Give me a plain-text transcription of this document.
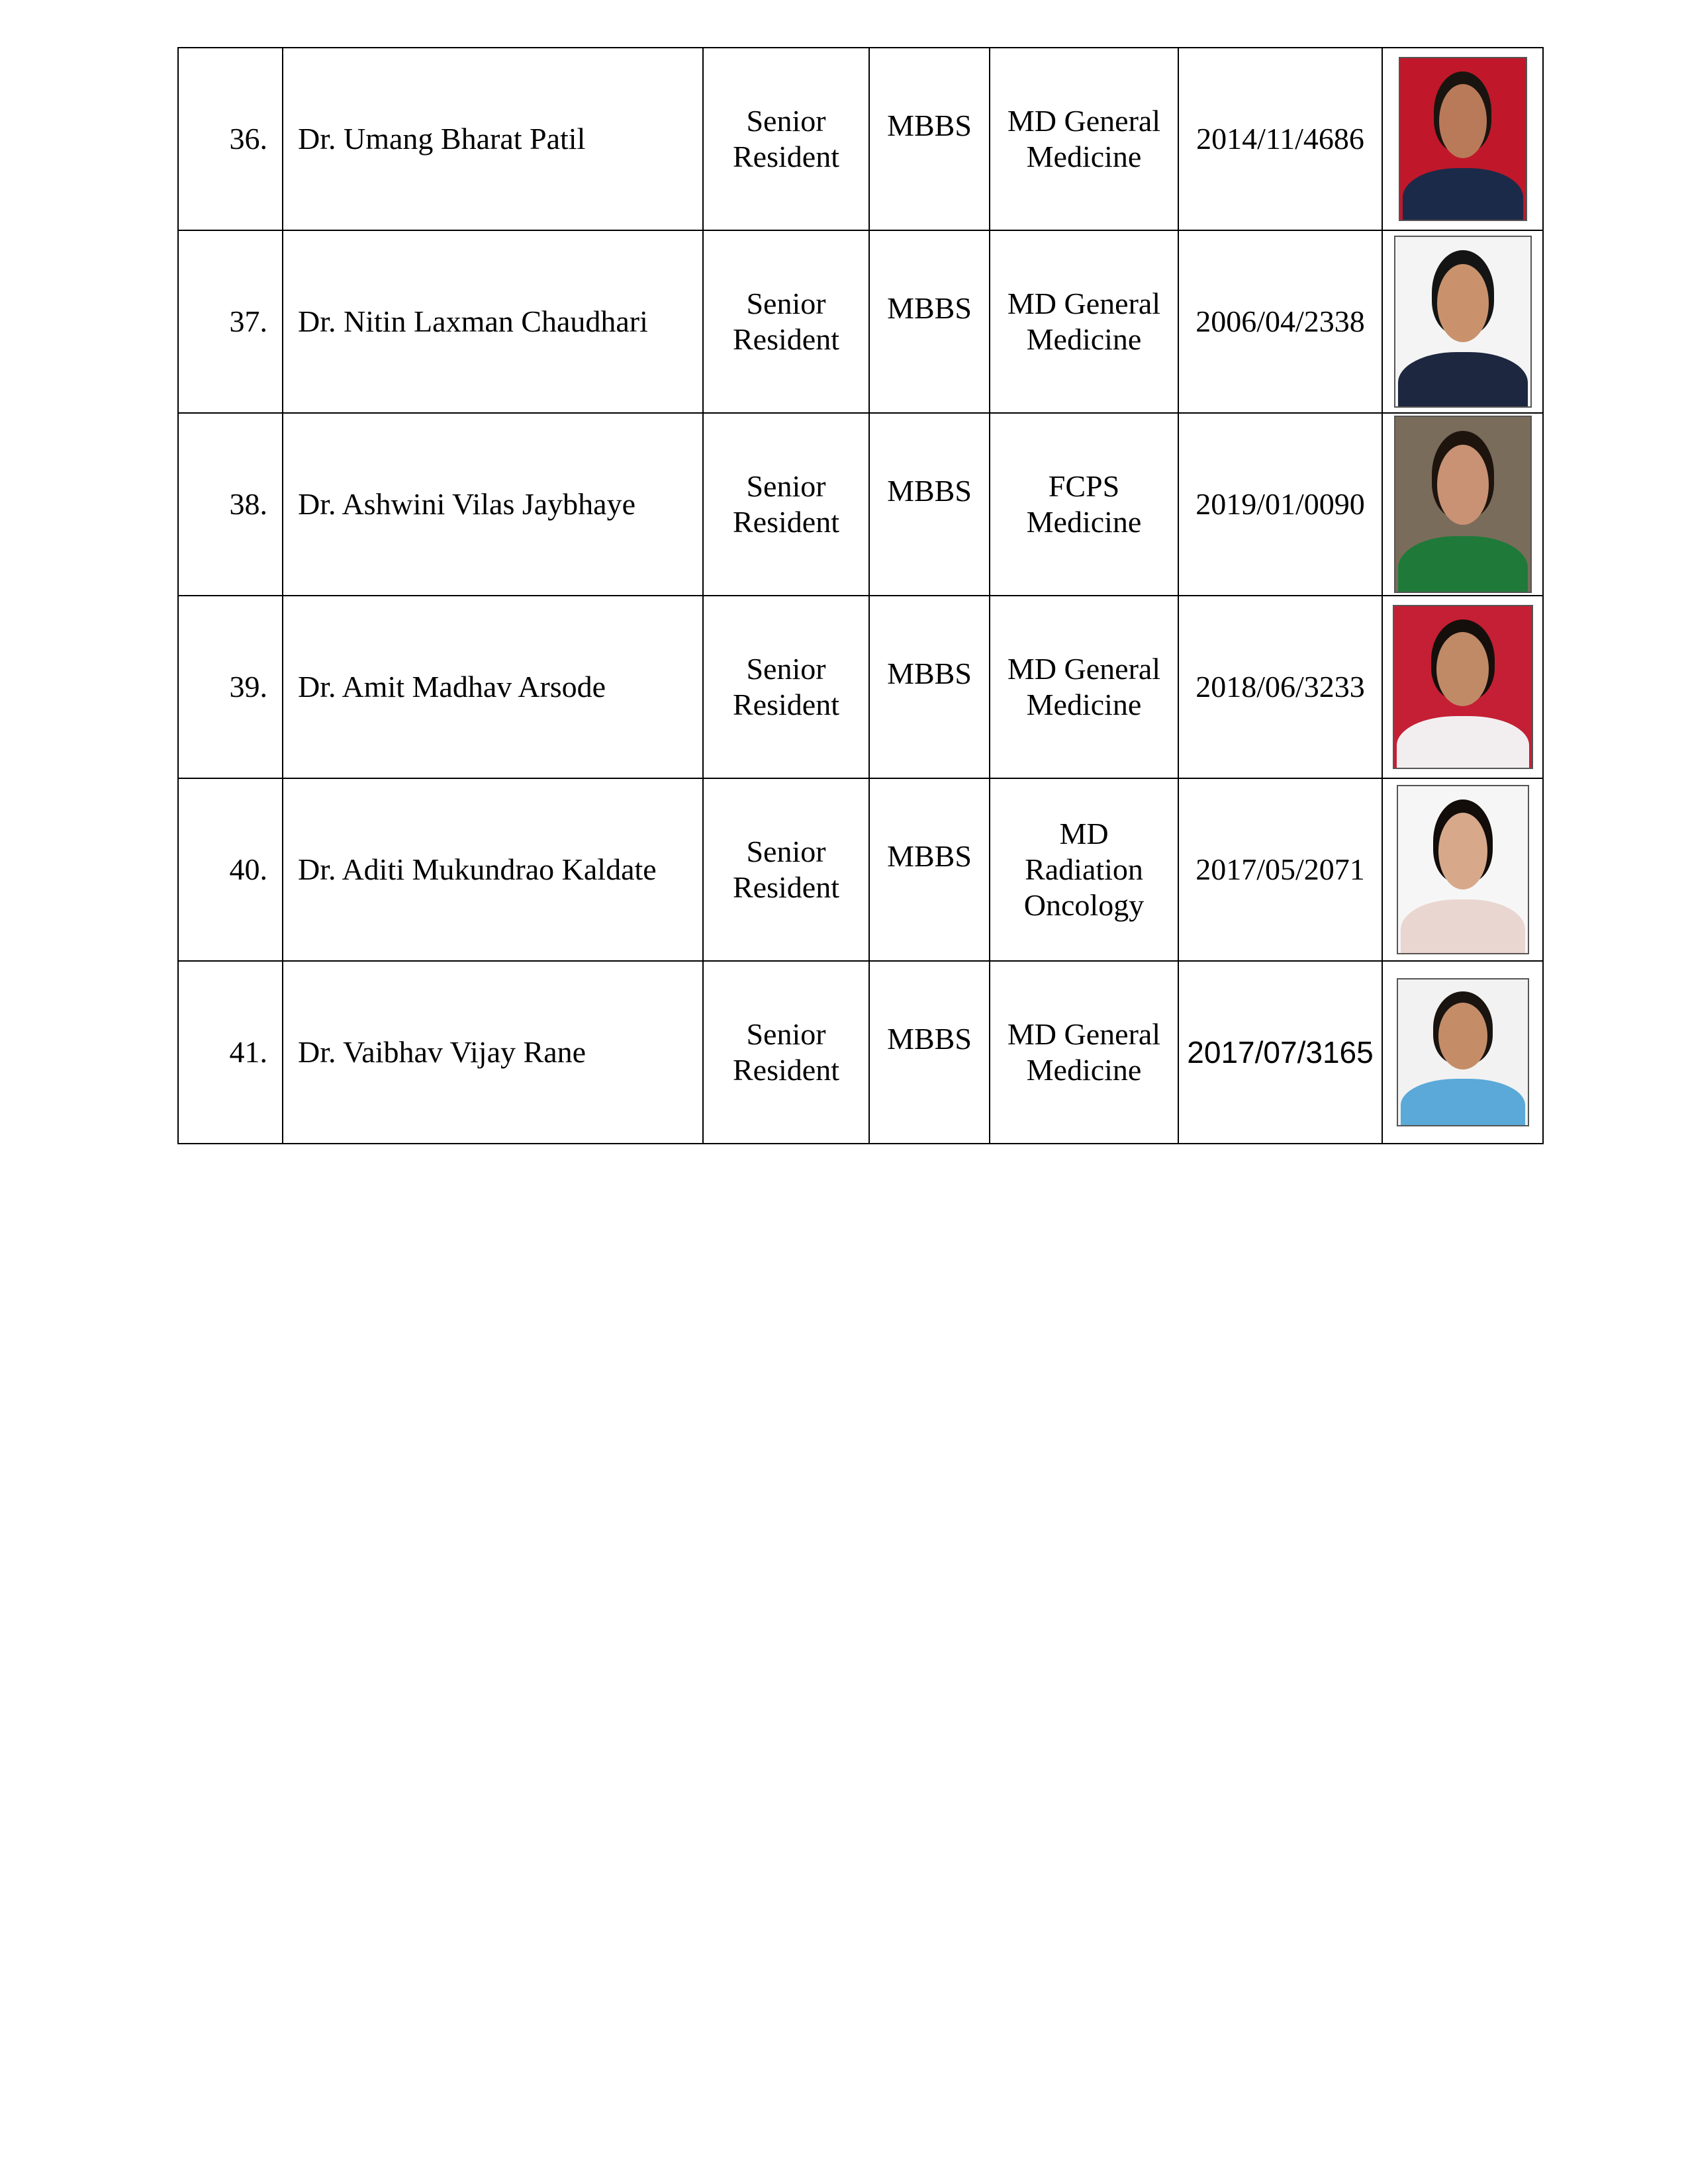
36.	Dr. Umang Bharat Patil	Senior
Resident	MBBS	MD General
Medicine	2014/11/4686	

37.	Dr. Nitin Laxman Chaudhari	Senior
Resident	MBBS	MD General
Medicine	2006/04/2338	

38.	Dr. Ashwini Vilas Jaybhaye	Senior
Resident	MBBS	FCPS
Medicine	2019/01/0090	

39.	Dr. Amit Madhav Arsode	Senior
Resident	MBBS	MD General
Medicine	2018/06/3233	

40.	Dr. Aditi Mukundrao Kaldate	Senior
Resident	MBBS	MD
Radiation
Oncology	2017/05/2071	

41.	Dr. Vaibhav Vijay Rane	Senior
Resident	MBBS	MD General
Medicine	2017/07/3165	
